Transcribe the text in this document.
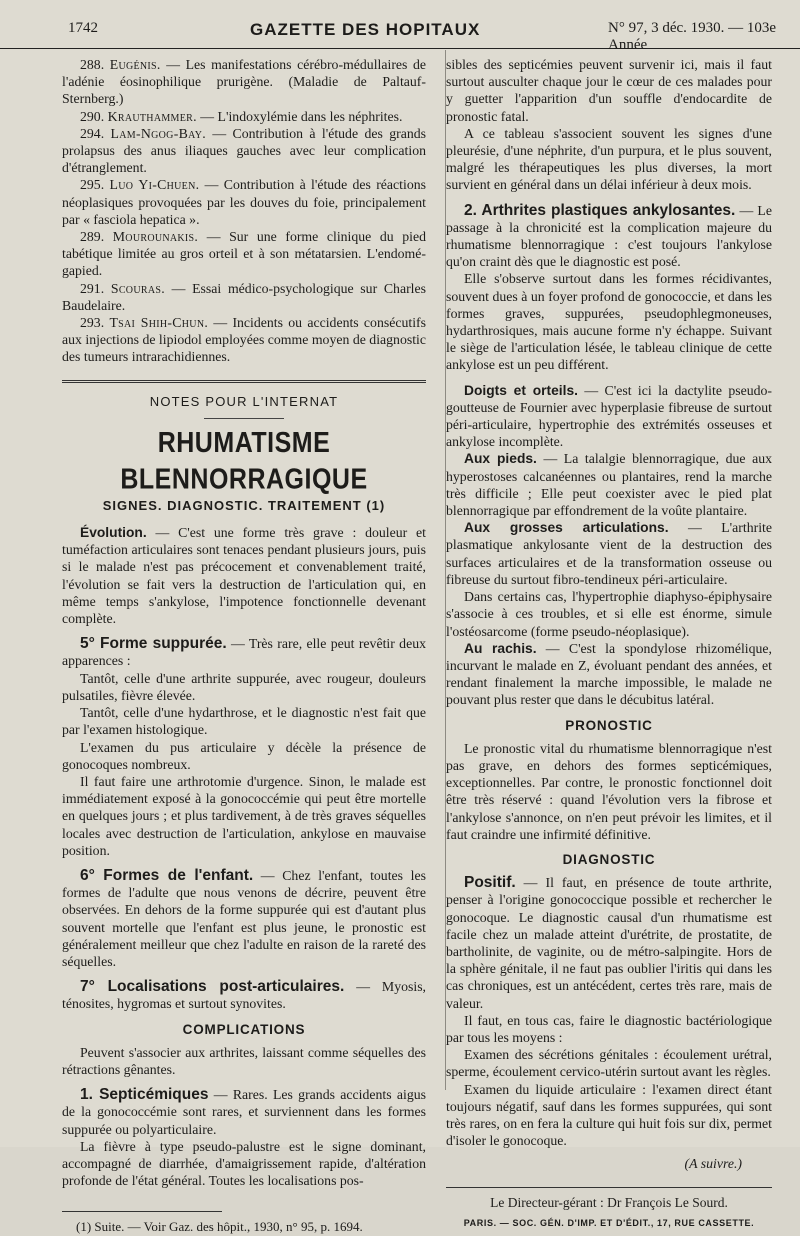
1742	GAZETTE DES HOPITAUX	N° 97, 3 déc. 1930. — 103e Année

288. Eugénis. — Les manifestations cérébro-médullaires de l'adénie éosinophilique prurigène. (Maladie de Paltauf-Sternberg.)

290. Krauthammer. — L'indoxylémie dans les néphrites.

294. Lam-Ngog-Bay. — Contribution à l'étude des grands prolapsus des anus iliaques gauches avec leur complication d'étranglement.

295. Luo Yi-Chuen. — Contribution à l'étude des réactions néoplasiques provoquées par les douves du foie, principalement par « fasciola hepatica ».

289. Mourounakis. — Sur une forme clinique du pied tabétique limitée au gros orteil et à son métatarsien. L'endomé-gapied.

291. Scouras. — Essai médico-psychologique sur Charles Baudelaire.

293. Tsai Shih-Chun. — Incidents ou accidents consécutifs aux injections de lipiodol employées comme moyen de diagnostic des tumeurs intrarachidiennes.

NOTES POUR L'INTERNAT
RHUMATISME BLENNORRAGIQUE
SIGNES. DIAGNOSTIC. TRAITEMENT (1)

Évolution. — C'est une forme très grave : douleur et tuméfaction articulaires sont tenaces pendant plusieurs jours, puis si le malade n'est pas précocement et convenablement traité, l'évolution se fait vers la destruction de l'articulation qui, en même temps s'ankylose, l'impotence fonctionnelle devenant complète.

5° Forme suppurée. — Très rare, elle peut revêtir deux apparences :

Tantôt, celle d'une arthrite suppurée, avec rougeur, douleurs pulsatiles, fièvre élevée.

Tantôt, celle d'une hydarthrose, et le diagnostic n'est fait que par l'examen histologique.

L'examen du pus articulaire y décèle la présence de gonocoques nombreux.

Il faut faire une arthrotomie d'urgence. Sinon, le malade est immédiatement exposé à la gonococcémie qui peut être mortelle en quelques jours ; et plus tardivement, à de très graves séquelles locales avec destruction de l'articulation, ankylose en mauvaise position.

6° Formes de l'enfant. — Chez l'enfant, toutes les formes de l'adulte que nous venons de décrire, peuvent être observées. En dehors de la forme suppurée qui est d'autant plus souvent mortelle que l'enfant est plus jeune, le pronostic est généralement meilleur que chez l'adulte en raison de la rareté des séquelles.

7° Localisations post-articulaires. — Myosis, ténosites, hygromas et surtout synovites.

COMPLICATIONS

Peuvent s'associer aux arthrites, laissant comme séquelles des rétractions gênantes.

1. Septicémiques — Rares. Les grands accidents aigus de la gonococcémie sont rares, et surviennent dans les formes suppurée ou polyarticulaire.

La fièvre à type pseudo-palustre est le signe dominant, accompagné de diarrhée, d'amaigrissement rapide, d'altération profonde de l'état général. Toutes les localisations pos-

(1) Suite. — Voir Gaz. des hôpit., 1930, n° 95, p. 1694.

sibles des septicémies peuvent survenir ici, mais il faut surtout ausculter chaque jour le cœur de ces malades pour y guetter l'apparition d'un souffle d'endocardite de pronostic fatal.

A ce tableau s'associent souvent les signes d'une pleurésie, d'une néphrite, d'un purpura, et le plus souvent, malgré les thérapeutiques les plus diverses, la mort survient en général dans un délai inférieur à deux mois.

2. Arthrites plastiques ankylosantes. — Le passage à la chronicité est la complication majeure du rhumatisme blennorragique : c'est toujours l'ankylose qu'on craint dès que le diagnostic est posé.

Elle s'observe surtout dans les formes récidivantes, souvent dues à un foyer profond de gonococcie, et dans les formes graves, suppurées, pseudophlegmoneuses, hydarthrosiques, mais aucune forme n'y échappe. Suivant le siège de l'articulation lésée, le tableau clinique de cette ankylose est un peu différent.

Doigts et orteils. — C'est ici la dactylite pseudo-goutteuse de Fournier avec hyperplasie fibreuse de surtout péri-articulaire, hypertrophie des extrémités osseuses et ankylose incomplète.

Aux pieds. — La talalgie blennorragique, due aux hyperostoses calcanéennes ou plantaires, rend la marche très difficile ; Elle peut coexister avec le pied plat blennorragique par effondrement de la voûte plantaire.

Aux grosses articulations. — L'arthrite plasmatique ankylosante vient de la destruction des surfaces articulaires et de la transformation osseuse ou fibreuse du surtout fibro-tendineux péri-articulaire.

Dans certains cas, l'hypertrophie diaphyso-épiphysaire s'associe à ces troubles, et si elle est énorme, simule l'ostéosarcome (forme pseudo-néoplasique).

Au rachis. — C'est la spondylose rhizomélique, incurvant le malade en Z, évoluant pendant des années, et rendant finalement la marche impossible, le malade ne pouvant plus rester que dans le décubitus latéral.

PRONOSTIC

Le pronostic vital du rhumatisme blennorragique n'est pas grave, en dehors des formes septicémiques, exceptionnelles. Par contre, le pronostic fonctionnel doit être très réservé : quand l'évolution vers la fibrose et l'ankylose s'annonce, on n'en peut prévoir les limites, et il faut craindre une infirmité définitive.

DIAGNOSTIC

Positif. — Il faut, en présence de toute arthrite, penser à l'origine gonococcique possible et rechercher le gonocoque. Le diagnostic causal d'un rhumatisme est facile chez un malade atteint d'urétrite, de prostatite, de bartholinite, de vaginite, ou de métro-salpingite. Hors de la sphère génitale, il ne faut pas oublier l'iritis qui dans les cas chroniques, est un antécédent, certes très rare, mais de valeur.

Il faut, en tous cas, faire le diagnostic bactériologique par tous les moyens :

Examen des sécrétions génitales : écoulement urétral, sperme, écoulement cervico-utérin surtout avant les règles.

Examen du liquide articulaire : l'examen direct étant toujours négatif, sauf dans les formes suppurées, qui sont très rares, on en fera la culture qui huit fois sur dix, permet d'isoler le gonocoque.

(A suivre.)
Le Directeur-gérant : Dr François Le Sourd.
PARIS. — SOC. GÉN. D'IMP. ET D'ÉDIT., 17, RUE CASSETTE.
